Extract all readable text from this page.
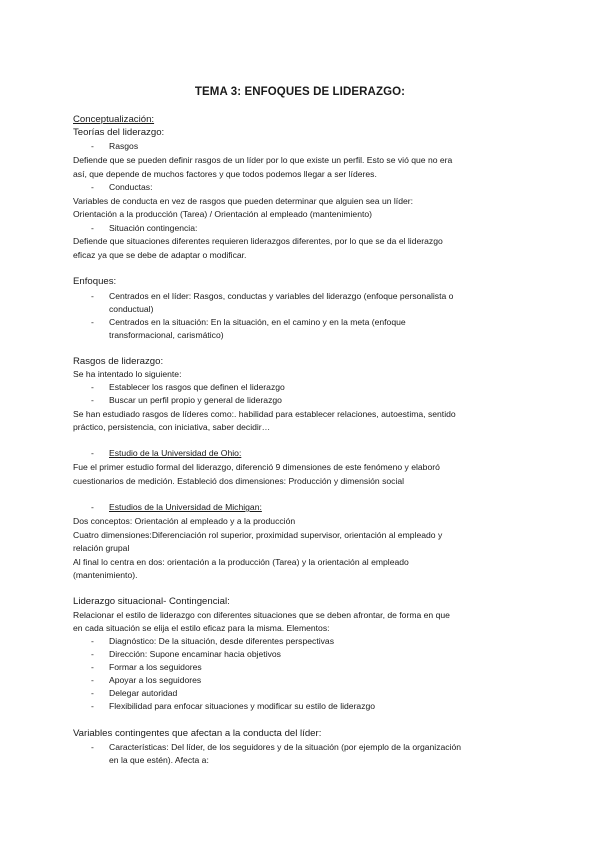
TEMA 3: ENFOQUES DE LIDERAZGO:
Conceptualización:
Teorías del liderazgo:
- Rasgos
Defiende que se pueden definir rasgos de un líder por lo que existe un perfil. Esto se vió que no era
así, que depende de muchos factores y que todos podemos llegar a ser líderes.
- Conductas:
Variables de conducta en vez de rasgos que pueden determinar que alguien sea un líder:
Orientación a la producción (Tarea) / Orientación al empleado (mantenimiento)
- Situación contingencia:
Defiende que situaciones diferentes requieren liderazgos diferentes, por lo que se da el liderazgo
eficaz ya que se debe de adaptar o modificar.
Enfoques:
- Centrados en el líder: Rasgos, conductas y variables del liderazgo (enfoque personalista o
conductual)
- Centrados en la situación: En la situación, en el camino y en la meta (enfoque
transformacional, carismático)
Rasgos de liderazgo:
Se ha intentado lo siguiente:
- Establecer los rasgos que definen el liderazgo
- Buscar un perfil propio y general de liderazgo
Se han estudiado rasgos de líderes como:. habilidad para establecer relaciones, autoestima, sentido
práctico, persistencia, con iniciativa, saber decidir…
- Estudio de la Universidad de Ohio:
Fue el primer estudio formal del liderazgo, diferenció 9 dimensiones de este fenómeno y elaboró
cuestionarios de medición. Estableció dos dimensiones: Producción y dimensión social
- Estudios de la Universidad de Michigan:
Dos conceptos: Orientación al empleado y a la producción
Cuatro dimensiones:Diferenciación rol superior, proximidad supervisor, orientación al empleado y
relación grupal
Al final lo centra en dos: orientación a la producción (Tarea) y la orientación al empleado
(mantenimiento).
Liderazgo situacional- Contingencial:
Relacionar el estilo de liderazgo con diferentes situaciones que se deben afrontar, de forma en que
en cada situación se elija el estilo eficaz para la misma. Elementos:
- Diagnóstico: De la situación, desde diferentes perspectivas
- Dirección: Supone encaminar hacia objetivos
- Formar a los seguidores
- Apoyar a los seguidores
- Delegar autoridad
- Flexibilidad para enfocar situaciones y modificar su estilo de liderazgo
Variables contingentes que afectan a la conducta del líder:
- Características: Del líder, de los seguidores y de la situación (por ejemplo de la organización
en la que estén). Afecta a:
